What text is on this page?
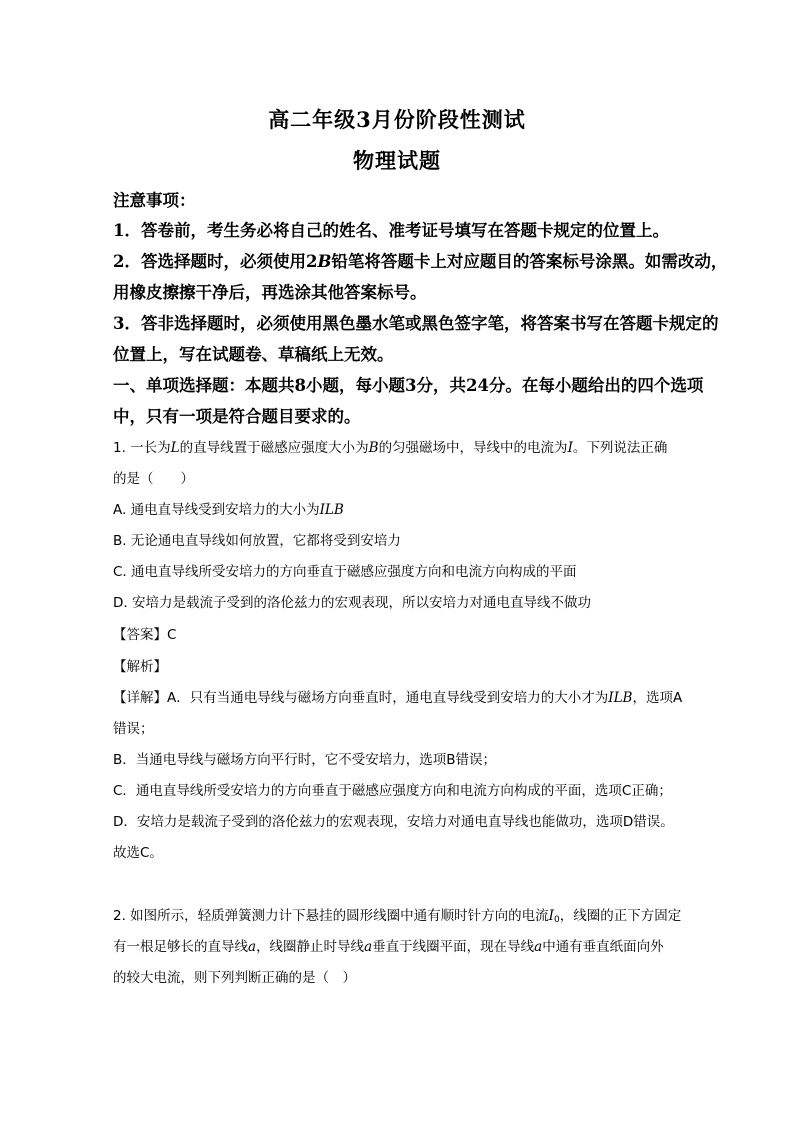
高二年级3月份阶段性测试
物理试题
注意事项：
1．答卷前，考生务必将自己的姓名、准考证号填写在答题卡规定的位置上。
2．答选择题时，必须使用2B铅笔将答题卡上对应题目的答案标号涂黑。如需改动，
用橡皮擦擦干净后，再选涂其他答案标号。
3．答非选择题时，必须使用黑色墨水笔或黑色签字笔，将答案书写在答题卡规定的
位置上，写在试题卷、草稿纸上无效。
一、单项选择题：本题共8小题，每小题3分，共24分。在每小题给出的四个选项
中，只有一项是符合题目要求的。
1. 一长为L的直导线置于磁感应强度大小为B的匀强磁场中，导线中的电流为I。下列说法正确
的是（　　）
A. 通电直导线受到安培力的大小为ILB
B. 无论通电直导线如何放置，它都将受到安培力
C. 通电直导线所受安培力的方向垂直于磁感应强度方向和电流方向构成的平面
D. 安培力是载流子受到的洛伦兹力的宏观表现，所以安培力对通电直导线不做功
【答案】C
【解析】
【详解】A．只有当通电导线与磁场方向垂直时，通电直导线受到安培力的大小才为ILB，选项A
错误；
B．当通电导线与磁场方向平行时，它不受安培力，选项B错误；
C．通电直导线所受安培力的方向垂直于磁感应强度方向和电流方向构成的平面，选项C正确；
D．安培力是载流子受到的洛伦兹力的宏观表现，安培力对通电直导线也能做功，选项D错误。
故选C。
2. 如图所示，轻质弹簧测力计下悬挂的圆形线圈中通有顺时针方向的电流I0，线圈的正下方固定
有一根足够长的直导线a，线圈静止时导线a垂直于线圈平面，现在导线a中通有垂直纸面向外
的较大电流，则下列判断正确的是（　）
